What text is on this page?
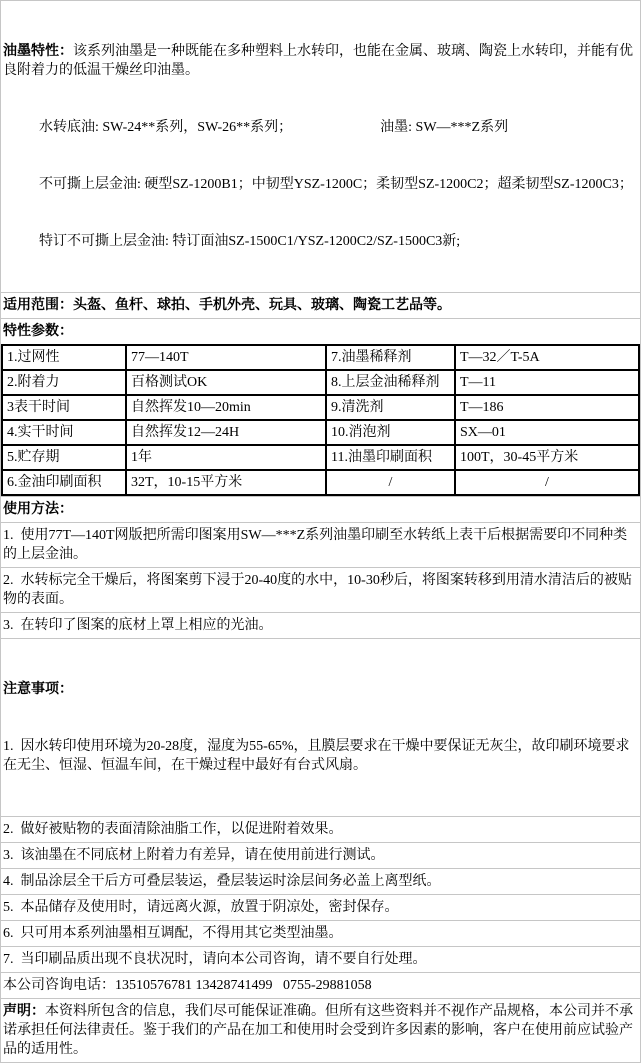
油墨特性：该系列油墨是一种既能在多种塑料上水转印，也能在金属、玻璃、陶瓷上水转印，并能有优良附着力的低温干燥丝印油墨。

水转底油: SW-24**系列，SW-26**系列；	油墨: SW—***Z系列

不可撕上层金油: 硬型SZ-1200B1；中韧型YSZ-1200C；柔韧型SZ-1200C2；超柔韧型SZ-1200C3；

特订不可撕上层金油: 特订面油SZ-1500C1/YSZ-1200C2/SZ-1500C3新;

适用范围：头盔、鱼杆、球拍、手机外壳、玩具、玻璃、陶瓷工艺品等。
特性参数：
1.过网性	77—140T	7.油墨稀释剂	T—32／T-5A
2.附着力	百格测试OK	8.上层金油稀释剂	T—11
3表干时间	自然挥发10—20min	9.清洗剂	T—186
4.实干时间	自然挥发12—24H	10.消泡剂	SX—01
5.贮存期	1年	11.油墨印刷面积	100T，30-45平方米
6.金油印刷面积	32T，10-15平方米	/	/
使用方法：
1.  使用77T—140T网版把所需印图案用SW—***Z系列油墨印刷至水转纸上表干后根据需要印不同种类的上层金油。
2.  水转标完全干燥后，将图案剪下浸于20-40度的水中，10-30秒后，将图案转移到用清水清洁后的被贴物的表面。
3.  在转印了图案的底材上罩上相应的光油。

注意事项：

1.  因水转印使用环境为20-28度，湿度为55-65%，且膜层要求在干燥中要保证无灰尘，故印刷环境要求在无尘、恒湿、恒温车间，在干燥过程中最好有台式风扇。

2.  做好被贴物的表面清除油脂工作，以促进附着效果。
3.  该油墨在不同底材上附着力有差异，请在使用前进行测试。
4.  制品涂层全干后方可叠层装运，叠层装运时涂层间务必盖上离型纸。
5.  本品储存及使用时，请远离火源，放置于阴凉处，密封保存。
6.  只可用本系列油墨相互调配，不得用其它类型油墨。
7.  当印刷品质出现不良状况时，请向本公司咨询，请不要自行处理。
本公司咨询电话：13510576781 13428741499   0755-29881058
声明：本资料所包含的信息，我们尽可能保证准确。但所有这些资料并不视作产品规格，本公司并不承诺承担任何法律责任。鉴于我们的产品在加工和使用时会受到许多因素的影响，客户在使用前应试验产品的适用性。
